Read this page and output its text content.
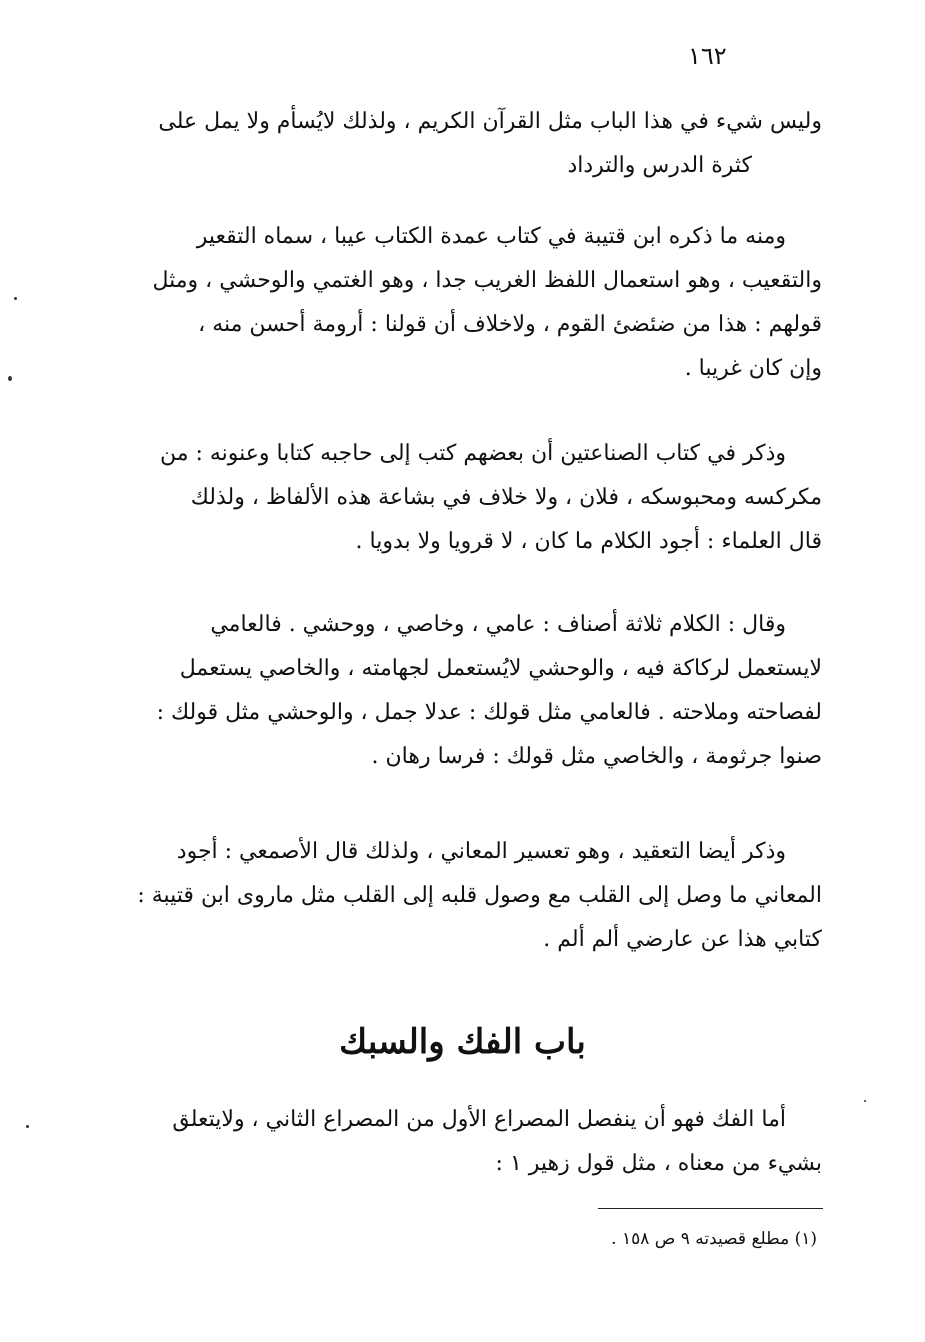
١٦٢
وليس شيء في هذا الباب مثل القرآن الكريم ، ولذلك لايُسأم ولا يمل على
كثرة الدرس والترداد
ومنه ما ذكره ابن قتيبة في كتاب عمدة الكتاب عيبا ، سماه التقعير
والتقعيب ، وهو استعمال اللفظ الغريب جدا ، وهو الغتمي والوحشي ، ومثل
قولهم : هذا من ضئضئ القوم ، ولاخلاف أن قولنا : أرومة أحسن منه ،
وإن كان غريبا .
وذكر في كتاب الصناعتين أن بعضهم كتب إلى حاجبه كتابا وعنونه : من
مكركسه ومحبوسكه ، فلان ، ولا خلاف في بشاعة هذه الألفاظ ، ولذلك
قال العلماء : أجود الكلام ما كان ، لا قرويا ولا بدويا .
وقال : الكلام ثلاثة أصناف : عامي ، وخاصي ، ووحشي . فالعامي
لايستعمل لركاكة فيه ، والوحشي لايُستعمل لجهامته ، والخاصي يستعمل
لفصاحته وملاحته . فالعامي مثل قولك : عدلا جمل ، والوحشي مثل قولك :
صنوا جرثومة ، والخاصي مثل قولك : فرسا رهان .
وذكر أيضا التعقيد ، وهو تعسير المعاني ، ولذلك قال الأصمعي : أجود
المعاني ما وصل إلى القلب مع وصول قلبه إلى القلب مثل ماروى ابن قتيبة :
كتابي هذا عن عارضي ألم ألم .
باب الفك والسبك
أما الفك فهو أن ينفصل المصراع الأول من المصراع الثاني ، ولايتعلق
بشيء من معناه ، مثل قول زهير ١ :
(١) مطلع قصيدته ٩ ص ١٥٨ .
